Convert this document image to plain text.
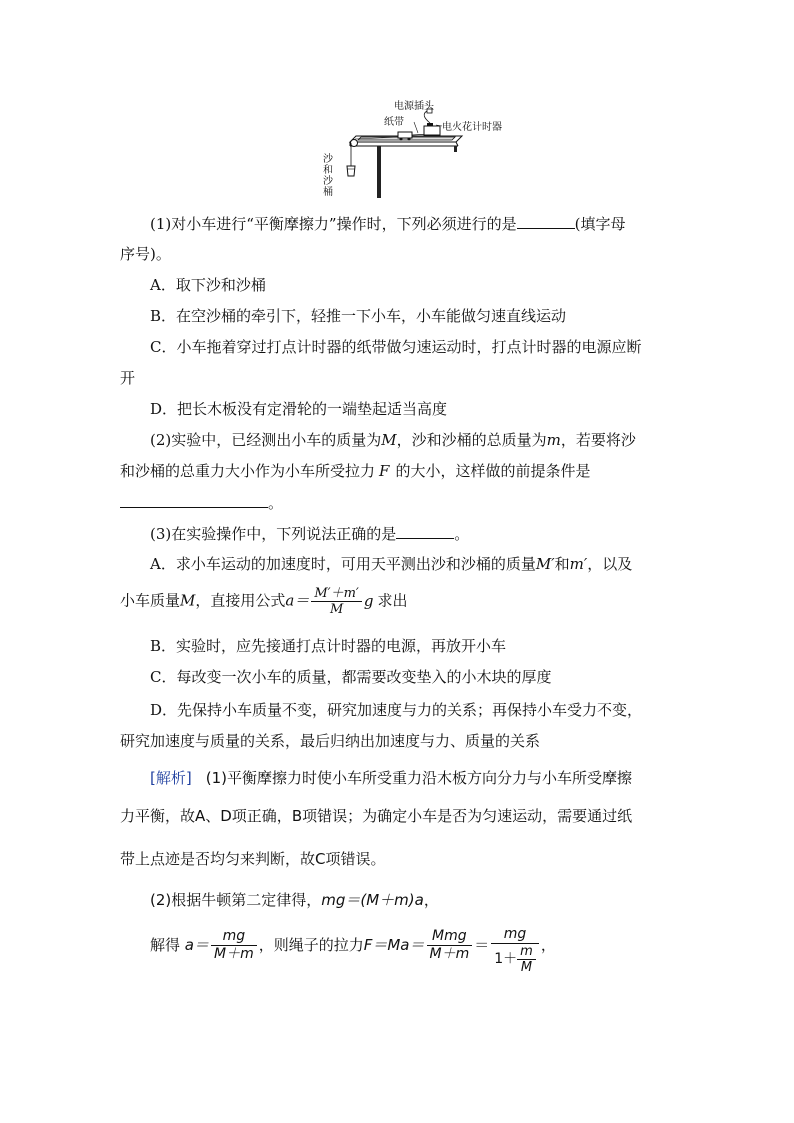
电源插头
纸带	电火花计时器
沙和沙桶
(1)对小车进行“平衡摩擦力”操作时，下列必须进行的是	(填字母
序号)。
A．取下沙和沙桶
B．在空沙桶的牵引下，轻推一下小车，小车能做匀速直线运动
C．小车拖着穿过打点计时器的纸带做匀速运动时，打点计时器的电源应断
开
D．把长木板没有定滑轮的一端垫起适当高度
(2)实验中，已经测出小车的质量为M，沙和沙桶的总质量为m，若要将沙
和沙桶的总重力大小作为小车所受拉力 F 的大小，这样做的前提条件是
。
(3)在实验操作中，下列说法正确的是	。
A．求小车运动的加速度时，可用天平测出沙和沙桶的质量M′和m′，以及
小车质量M，直接用公式$a= \frac{M'+m'}{M}$ g 求出
B．实验时，应先接通打点计时器的电源，再放开小车
C．每改变一次小车的质量，都需要改变垫入的小木块的厚度
D．先保持小车质量不变，研究加速度与力的关系；再保持小车受力不变，
研究加速度与质量的关系，最后归纳出加速度与力、质量的关系
[解析] (1)平衡摩擦力时使小车所受重力沿木板方向分力与小车所受摩擦
力平衡，故A、D项正确，B项错误；为确定小车是否为匀速运动，需要通过纸
带上点迹是否均匀来判断，故C项错误。
(2)根据牛顿第二定律得，mg＝(M＋m)a，
解得 $a= \frac{mg}{M+m}$ ，则绳子的拉力$F=Ma= \frac{\text{Mmg}}{M+m} = \frac{mg}{1+ \frac{m}{M}}$ ，
